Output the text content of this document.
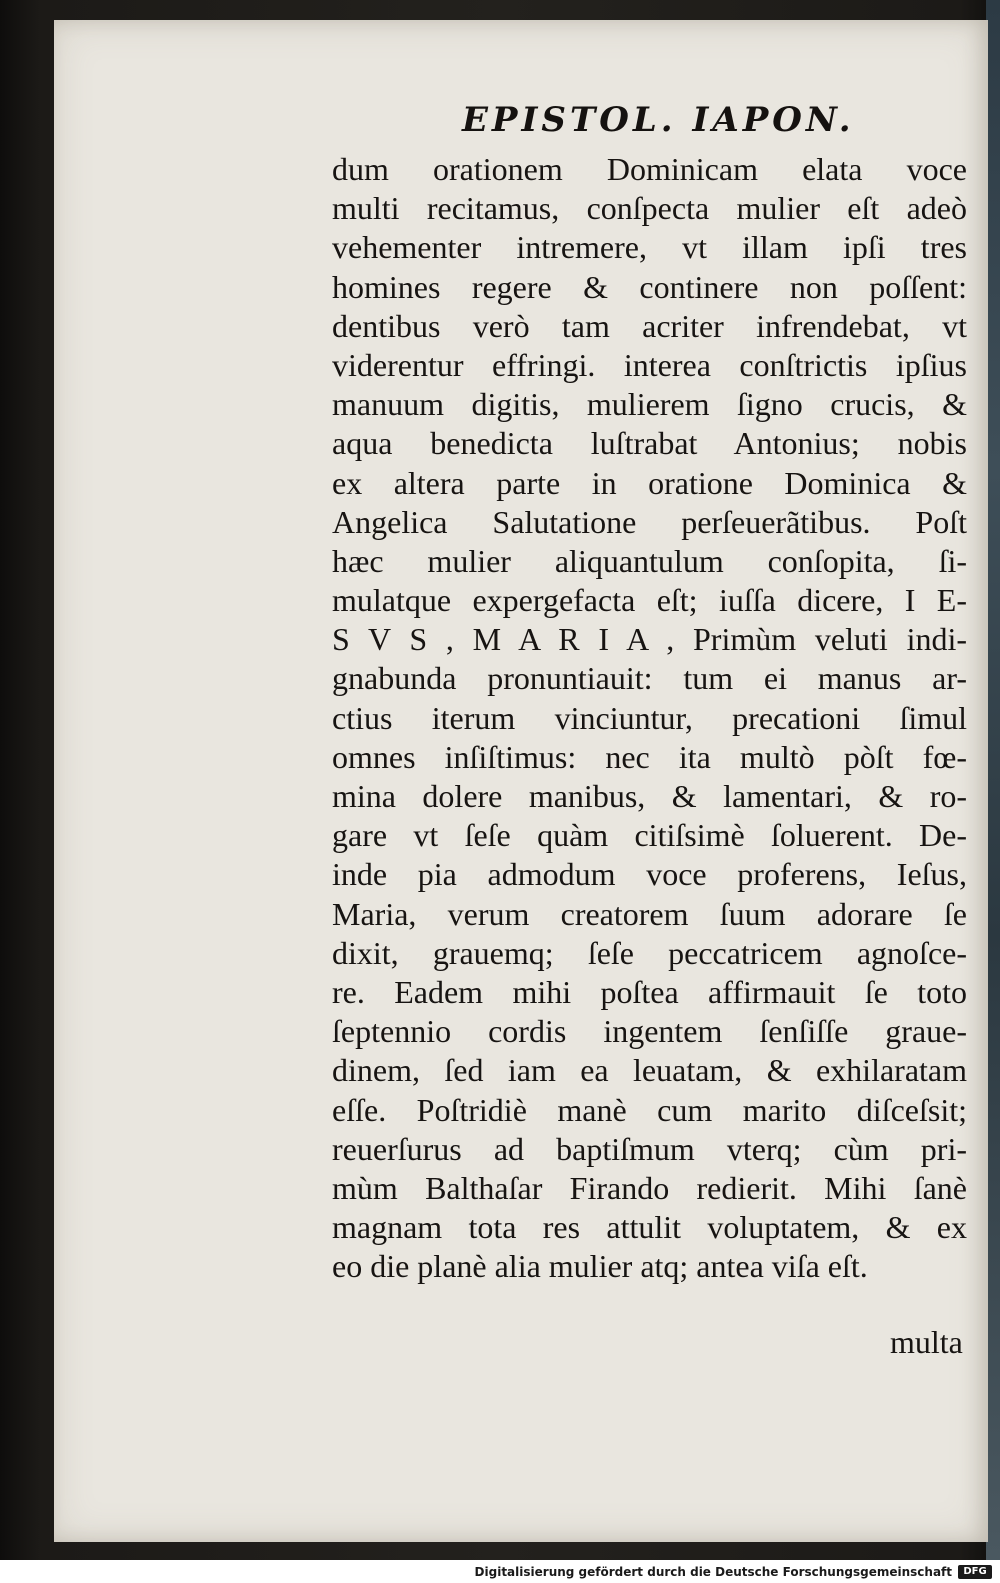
EPISTOL. IAPON.
dum orationem Dominicam elata voce
multi recitamus, conſpecta mulier eſt adeò
vehementer intremere, vt illam ipſi tres
homines regere & continere non poſſent:
dentibus verò tam acriter infrendebat, vt
viderentur effringi. interea conſtrictis ipſius
manuum digitis, mulierem ſigno crucis, &
aqua benedicta luſtrabat Antonius; nobis
ex altera parte in oratione Dominica &
Angelica Salutatione perſeuerãtibus. Poſt
hæc mulier aliquantulum conſopita, ſi-
mulatque expergefacta eſt; iuſſa dicere, I E-
S V S , M A R I A , Primùm veluti indi-
gnabunda pronuntiauit: tum ei manus ar-
ctius iterum vinciuntur, precationi ſimul
omnes inſiſtimus: nec ita multò pòſt fœ-
mina dolere manibus, & lamentari, & ro-
gare vt ſeſe quàm citiſsimè ſoluerent. De-
inde pia admodum voce proferens, Ieſus,
Maria, verum creatorem ſuum adorare ſe
dixit, grauemq; ſeſe peccatricem agnoſce-
re. Eadem mihi poſtea affirmauit ſe toto
ſeptennio cordis ingentem ſenſiſſe graue-
dinem, ſed iam ea leuatam, & exhilaratam
eſſe. Poſtridiè manè cum marito diſceſsit;
reuerſurus ad baptiſmum vterq; cùm pri-
mùm Balthaſar Firando redierit. Mihi ſanè
magnam tota res attulit voluptatem, & ex
eo die planè alia mulier atq; antea viſa eſt.
multa
Digitalisierung gefördert durch die Deutsche Forschungsgemeinschaft	DFG
